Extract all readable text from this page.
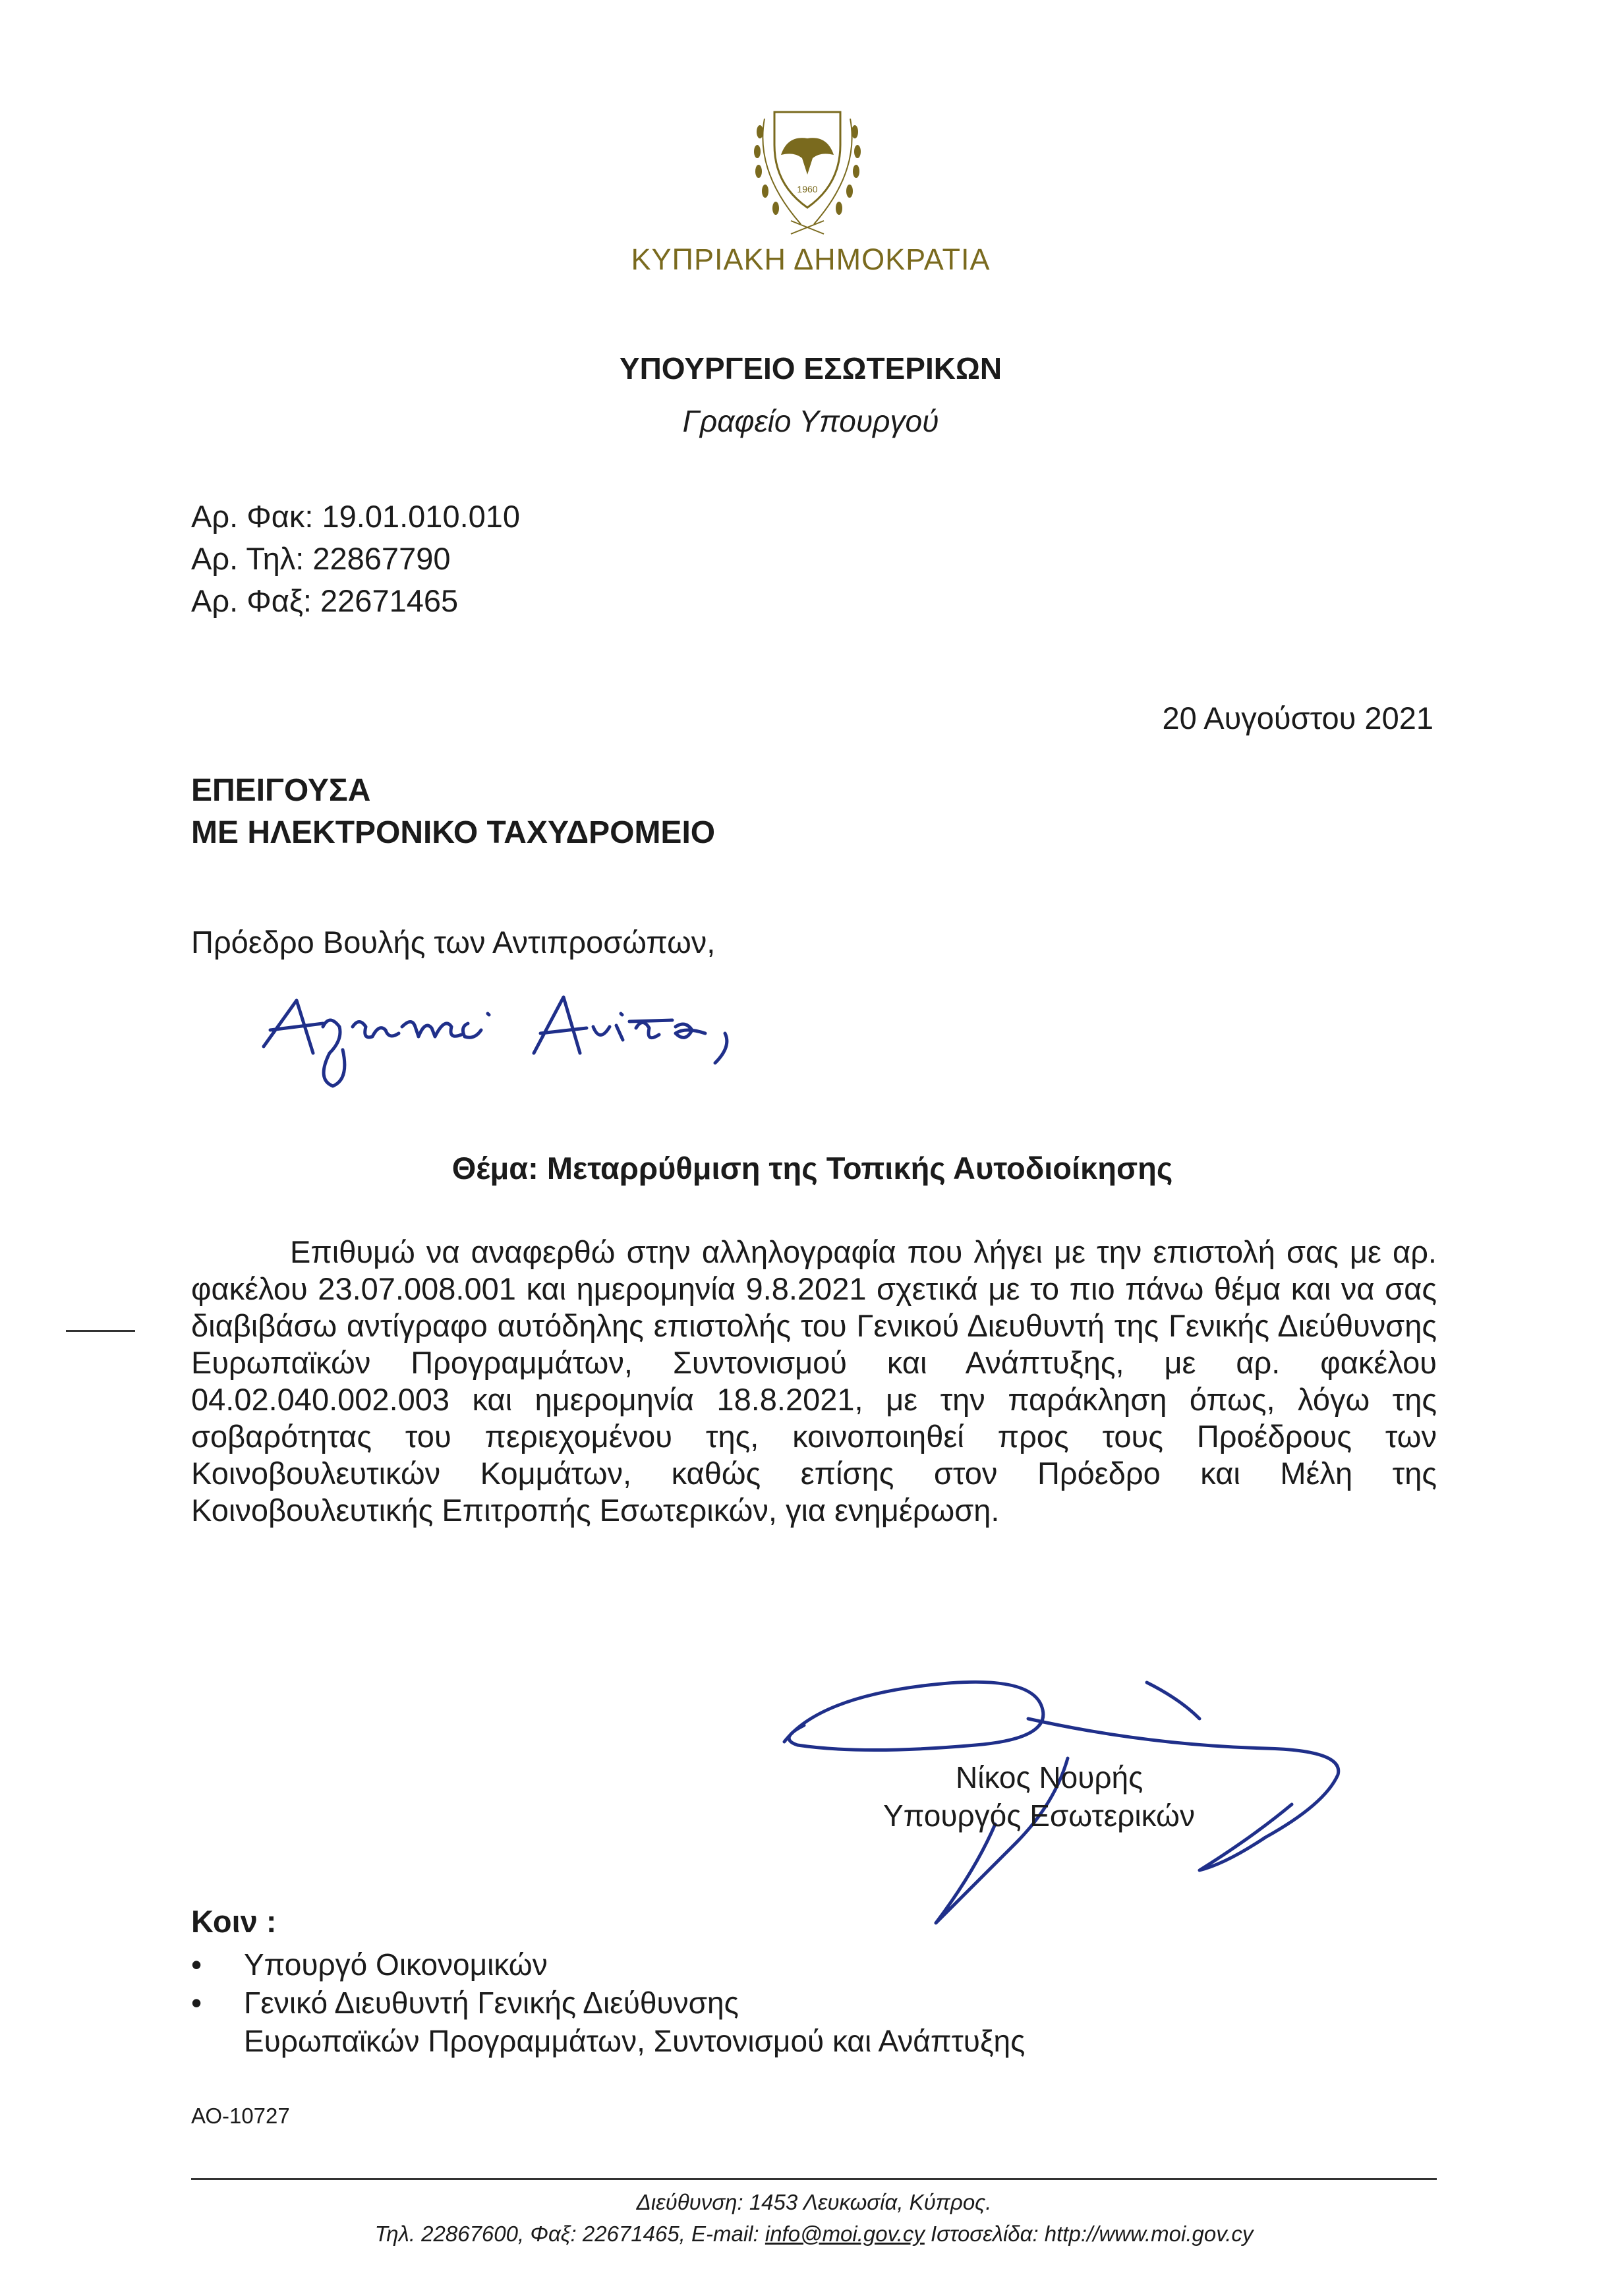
1960
ΚΥΠΡΙΑΚΗ ΔΗΜΟΚΡΑΤΙΑ
ΥΠΟΥΡΓΕΙΟ ΕΣΩΤΕΡΙΚΩΝ
Γραφείο Υπουργού
Αρ. Φακ: 19.01.010.010
Αρ. Τηλ: 22867790
Αρ. Φαξ: 22671465
20 Αυγούστου 2021
ΕΠΕΙΓΟΥΣΑ
ΜΕ ΗΛΕΚΤΡΟΝΙΚΟ ΤΑΧΥΔΡΟΜΕΙΟ
Πρόεδρο Βουλής των Αντιπροσώπων,
Θέμα: Μεταρρύθμιση της Τοπικής Αυτοδιοίκησης
Επιθυμώ να αναφερθώ στην αλληλογραφία που λήγει με την επιστολή σας με αρ. φακέλου 23.07.008.001 και ημερομηνία 9.8.2021 σχετικά με το πιο πάνω θέμα και να σας διαβιβάσω αντίγραφο αυτόδηλης επιστολής του Γενικού Διευθυντή της Γενικής Διεύθυνσης Ευρωπαϊκών Προγραμμάτων, Συντονισμού και Ανάπτυξης, με αρ. φακέλου 04.02.040.002.003 και ημερομηνία 18.8.2021, με την παράκληση όπως, λόγω της σοβαρότητας του περιεχομένου της, κοινοποιηθεί προς τους Προέδρους των Κοινοβουλευτικών Κομμάτων, καθώς επίσης στον Πρόεδρο και Μέλη της Κοινοβουλευτικής Επιτροπής Εσωτερικών, για ενημέρωση.
Νίκος Νουρής
Υπουργός Εσωτερικών
Κοιν :
• Υπουργό Οικονομικών
• Γενικό Διευθυντή Γενικής Διεύθυνσης
Ευρωπαϊκών Προγραμμάτων, Συντονισμού και Ανάπτυξης
ΑΟ-10727
Διεύθυνση: 1453 Λευκωσία, Κύπρος.
Τηλ. 22867600, Φαξ: 22671465, E-mail: info@moi.gov.cy Ιστοσελίδα: http://www.moi.gov.cy
